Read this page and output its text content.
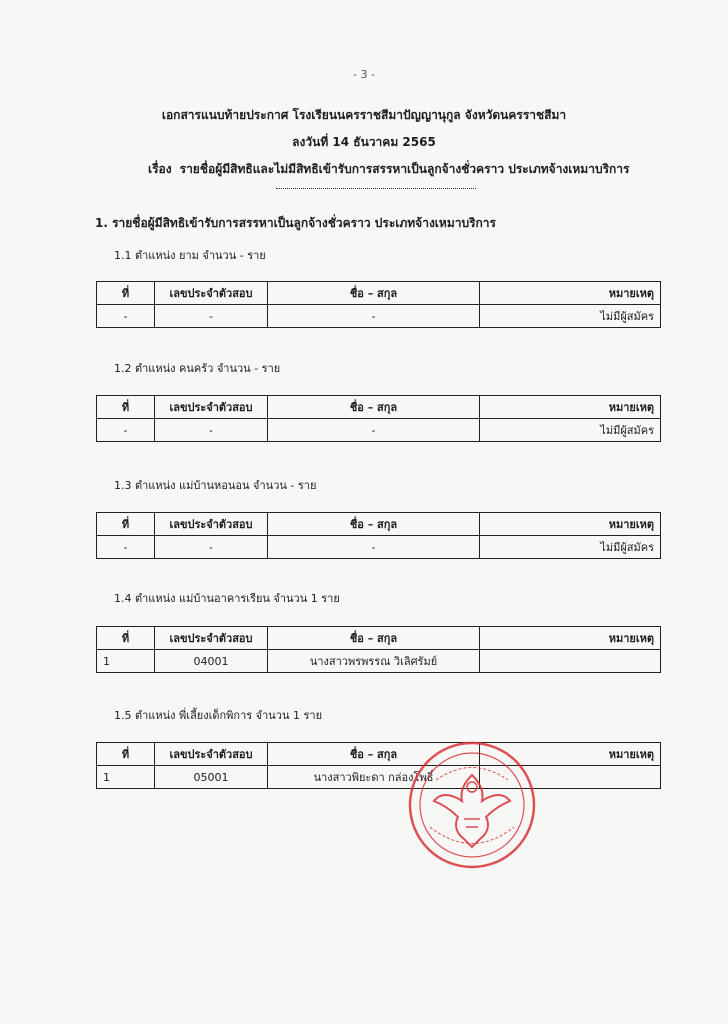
- 3 -
เอกสารแนบท้ายประกาศ โรงเรียนนครราชสีมาปัญญานุกูล จังหวัดนครราชสีมา
ลงวันที่ 14 ธันวาคม 2565
เรื่อง รายชื่อผู้มีสิทธิและไม่มีสิทธิเข้ารับการสรรหาเป็นลูกจ้างชั่วคราว ประเภทจ้างเหมาบริการ
1. รายชื่อผู้มีสิทธิเข้ารับการสรรหาเป็นลูกจ้างชั่วคราว ประเภทจ้างเหมาบริการ
1.1 ตำแหน่ง ยาม จำนวน - ราย
ที่	เลขประจำตัวสอบ	ชื่อ – สกุล	หมายเหตุ
-	-	-	ไม่มีผู้สมัคร
1.2 ตำแหน่ง คนครัว จำนวน - ราย
ที่	เลขประจำตัวสอบ	ชื่อ – สกุล	หมายเหตุ
-	-	-	ไม่มีผู้สมัคร
1.3 ตำแหน่ง แม่บ้านหอนอน จำนวน - ราย
ที่	เลขประจำตัวสอบ	ชื่อ – สกุล	หมายเหตุ
-	-	-	ไม่มีผู้สมัคร
1.4 ตำแหน่ง แม่บ้านอาคารเรียน จำนวน 1 ราย
ที่	เลขประจำตัวสอบ	ชื่อ – สกุล	หมายเหตุ
1	04001	นางสาวพรพรรณ วิเลิศรัมย์	
1.5 ตำแหน่ง พี่เลี้ยงเด็กพิการ จำนวน 1 ราย
ที่	เลขประจำตัวสอบ	ชื่อ – สกุล	หมายเหตุ
1	05001	นางสาวพิยะดา กล่องโพธิ์	
